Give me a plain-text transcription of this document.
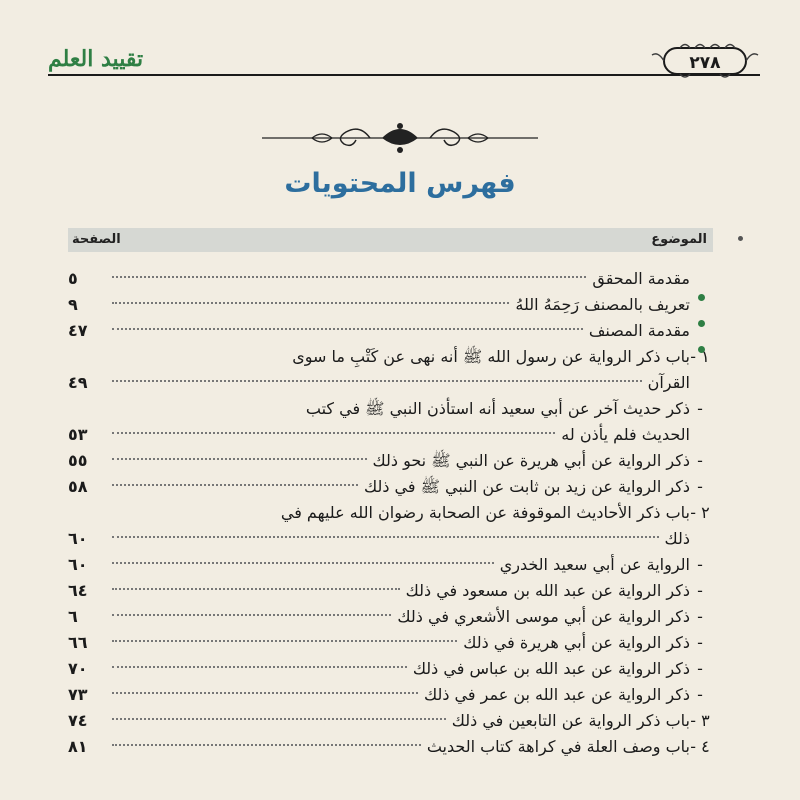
تقييد العلم	٢٧٨
فهرس المحتويات
الموضوع
الصفحة
مقدمة المحقق
٥
تعريف بالمصنف رَحِمَهُ اللهُ
٩
مقدمة المصنف
٤٧
١ -
باب ذكر الرواية عن رسول الله ﷺ أنه نهى عن كَتْبِ ما سوى
القرآن
٤٩
-
ذكر حديث آخر عن أبي سعيد أنه استأذن النبي ﷺ في كتب
الحديث فلم يأذن له
٥٣
-
ذكر الرواية عن أبي هريرة عن النبي ﷺ نحو ذلك
٥٥
-
ذكر الرواية عن زيد بن ثابت عن النبي ﷺ في ذلك
٥٨
٢ -
باب ذكر الأحاديث الموقوفة عن الصحابة رضوان الله عليهم في
ذلك
٦٠
-
الرواية عن أبي سعيد الخدري
٦٠
-
ذكر الرواية عن عبد الله بن مسعود في ذلك
٦٤
-
ذكر الرواية عن أبي موسى الأشعري في ذلك
٦
-
ذكر الرواية عن أبي هريرة في ذلك
٦٦
-
ذكر الرواية عن عبد الله بن عباس في ذلك
٧٠
-
ذكر الرواية عن عبد الله بن عمر في ذلك
٧٣
٣ -
باب ذكر الرواية عن التابعين في ذلك
٧٤
٤ -
باب وصف العلة في كراهة كتاب الحديث
٨١
